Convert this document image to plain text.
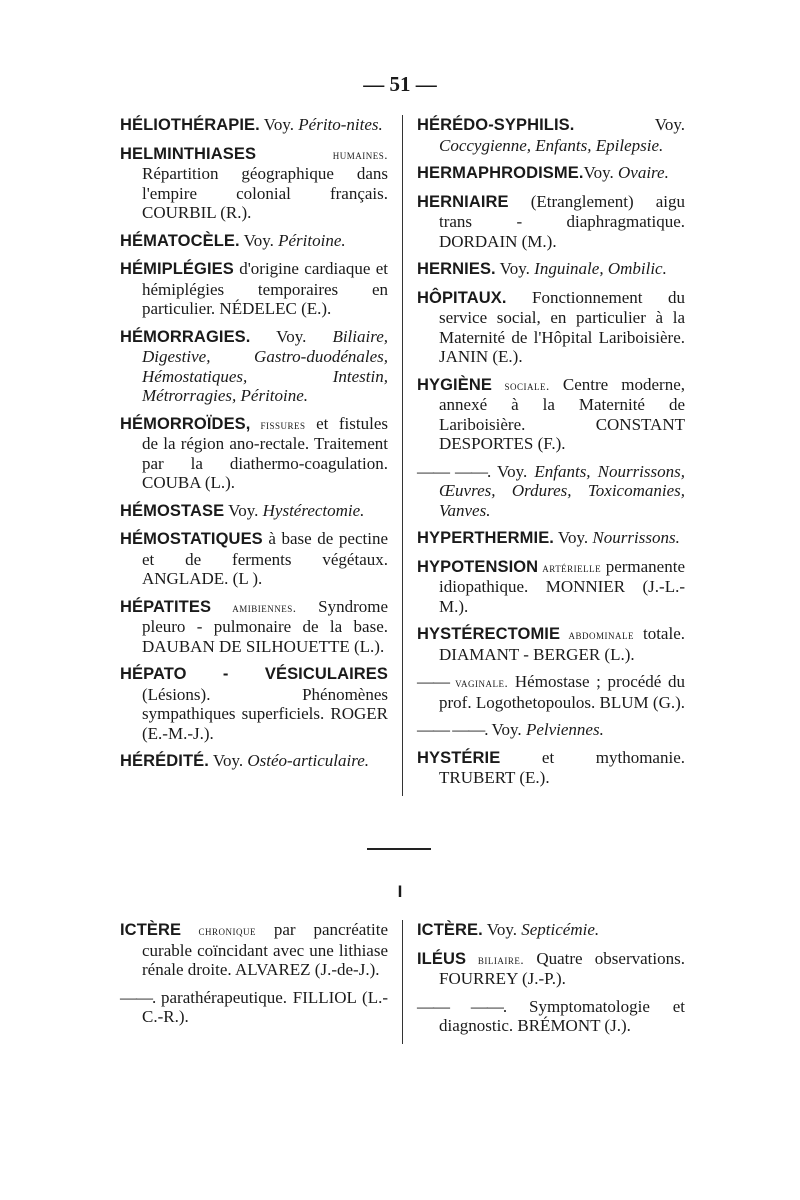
— 51 —
HÉLIOTHÉRAPIE. Voy. Périto-nites.
HELMINTHIASES humaines. Répartition géographique dans l'empire colonial français. COURBIL (R.).
HÉMATOCÈLE. Voy. Péritoine.
HÉMIPLÉGIES d'origine cardiaque et hémiplégies temporaires en particulier. NÉDELEC (E.).
HÉMORRAGIES. Voy. Biliaire, Digestive, Gastro-duodénales, Hémostatiques, Intestin, Métrorragies, Péritoine.
HÉMORROÏDES, fissures et fistules de la région ano-rectale. Traitement par la diathermo-coagulation. COUBA (L.).
HÉMOSTASE Voy. Hystérectomie.
HÉMOSTATIQUES à base de pectine et de ferments végétaux. ANGLADE. (L ).
HÉPATITES amibiennes. Syndrome pleuro - pulmonaire de la base. DAUBAN DE SILHOUETTE (L.).
HÉPATO - VÉSICULAIRES (Lésions). Phénomènes sympathiques superficiels. ROGER (E.-M.-J.).
HÉRÉDITÉ. Voy. Ostéo-articulaire.
HÉRÉDO-SYPHILIS. Voy. Coccygienne, Enfants, Epilepsie.
HERMAPHRODISME.Voy. Ovaire.
HERNIAIRE (Etranglement) aigu trans - diaphragmatique. DORDAIN (M.).
HERNIES. Voy. Inguinale, Ombilic.
HÔPITAUX. Fonctionnement du service social, en particulier à la Maternité de l'Hôpital Lariboisière. JANIN (E.).
HYGIÈNE sociale. Centre moderne, annexé à la Maternité de Lariboisière. CONSTANT DESPORTES (F.).
—— ——. Voy. Enfants, Nourrissons, Œuvres, Ordures, Toxicomanies, Vanves.
HYPERTHERMIE. Voy. Nourrissons.
HYPOTENSION artérielle permanente idiopathique. MONNIER (J.-L.-M.).
HYSTÉRECTOMIE abdominale totale. DIAMANT - BERGER (L.).
—— vaginale. Hémostase ; procédé du prof. Logothetopoulos. BLUM (G.).
—— ——. Voy. Pelviennes.
HYSTÉRIE et mythomanie. TRUBERT (E.).
I
ICTÈRE chronique par pancréatite curable coïncidant avec une lithiase rénale droite. ALVAREZ (J.-de-J.).
——. parathérapeutique. FILLIOL (L.-C.-R.).
ICTÈRE. Voy. Septicémie.
ILÉUS biliaire. Quatre observations. FOURREY (J.-P.).
—— ——. Symptomatologie et diagnostic. BRÉMONT (J.).
